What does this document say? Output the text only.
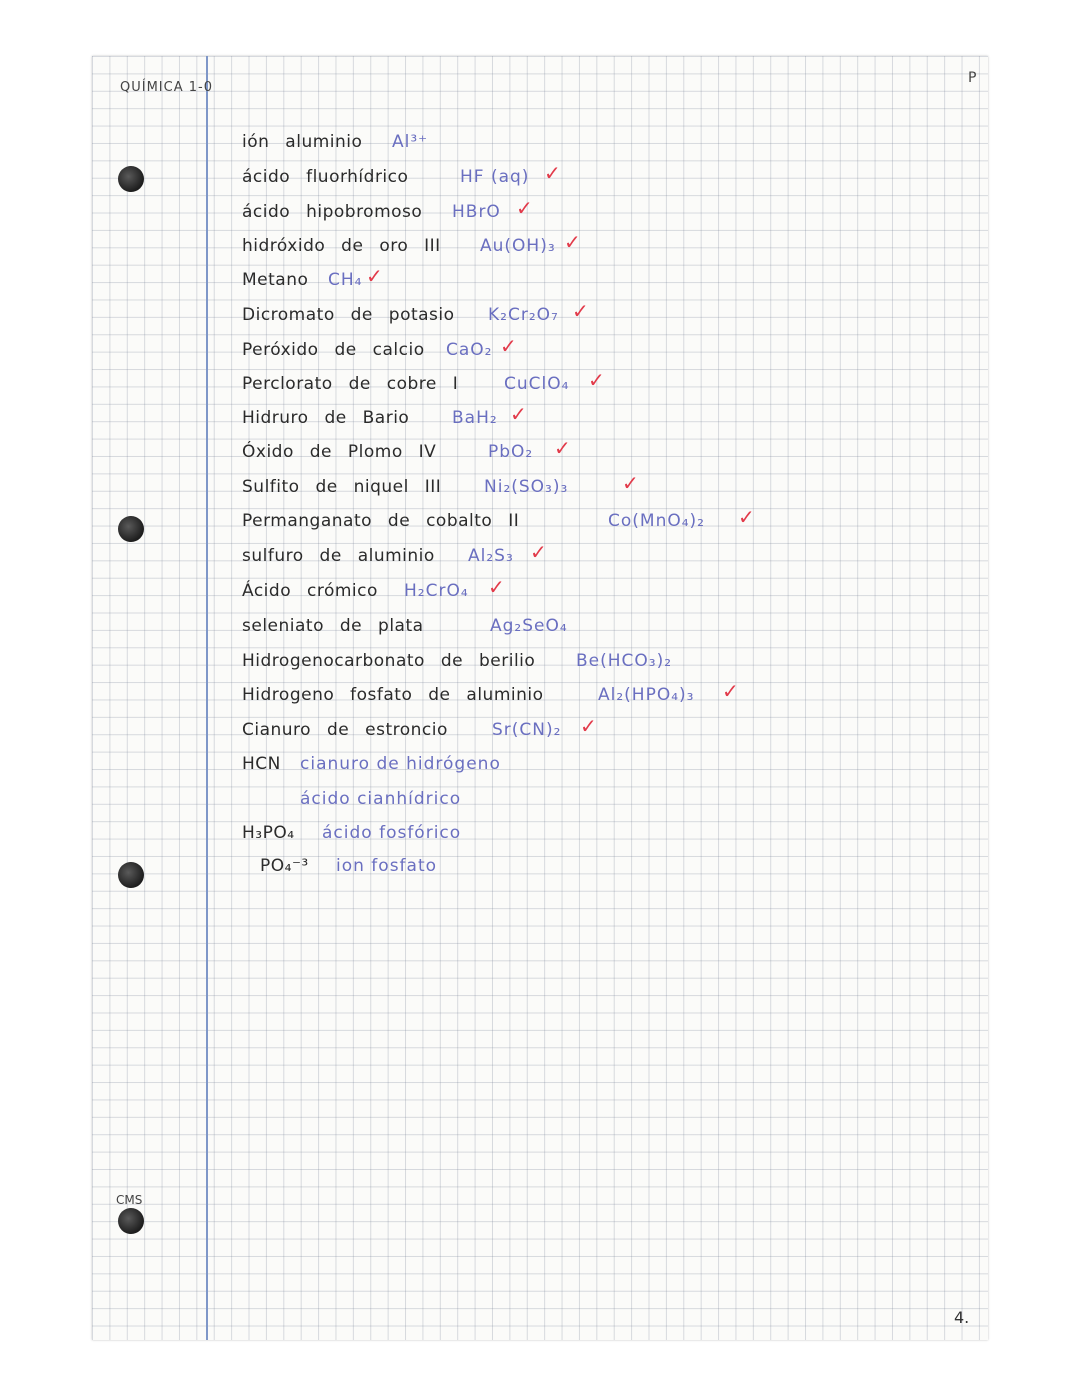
QUÍMICA 1-0
P
CMS
4.
ión aluminio Al³⁺
ácido fluorhídrico	HF (aq) ✓
ácido hipobromoso HBrO ✓
hidróxido de oro III Au(OH)₃ ✓
Metano CH₄ ✓
Dicromato de potasio K₂Cr₂O₇ ✓
Peróxido de calcio CaO₂ ✓
Perclorato de cobre I	CuClO₄ ✓
Hidruro de Bario	BaH₂ ✓
Óxido de Plomo IV	PbO₂ ✓
Sulfito de niquel III	Ni₂(SO₃)₃	✓
Permanganato de cobalto II	Co(MnO₄)₂ ✓
sulfuro de aluminio Al₂S₃ ✓
Ácido crómico H₂CrO₄ ✓
seleniato de plata	Ag₂SeO₄
Hidrogenocarbonato de berilio Be(HCO₃)₂
Hidrogeno fosfato de aluminio	Al₂(HPO₄)₃ ✓
Cianuro de estroncio	Sr(CN)₂ ✓
HCN cianuro de hidrógeno
ácido cianhídrico
H₃PO₄ ácido fosfórico
PO₄⁻³ ion fosfato
